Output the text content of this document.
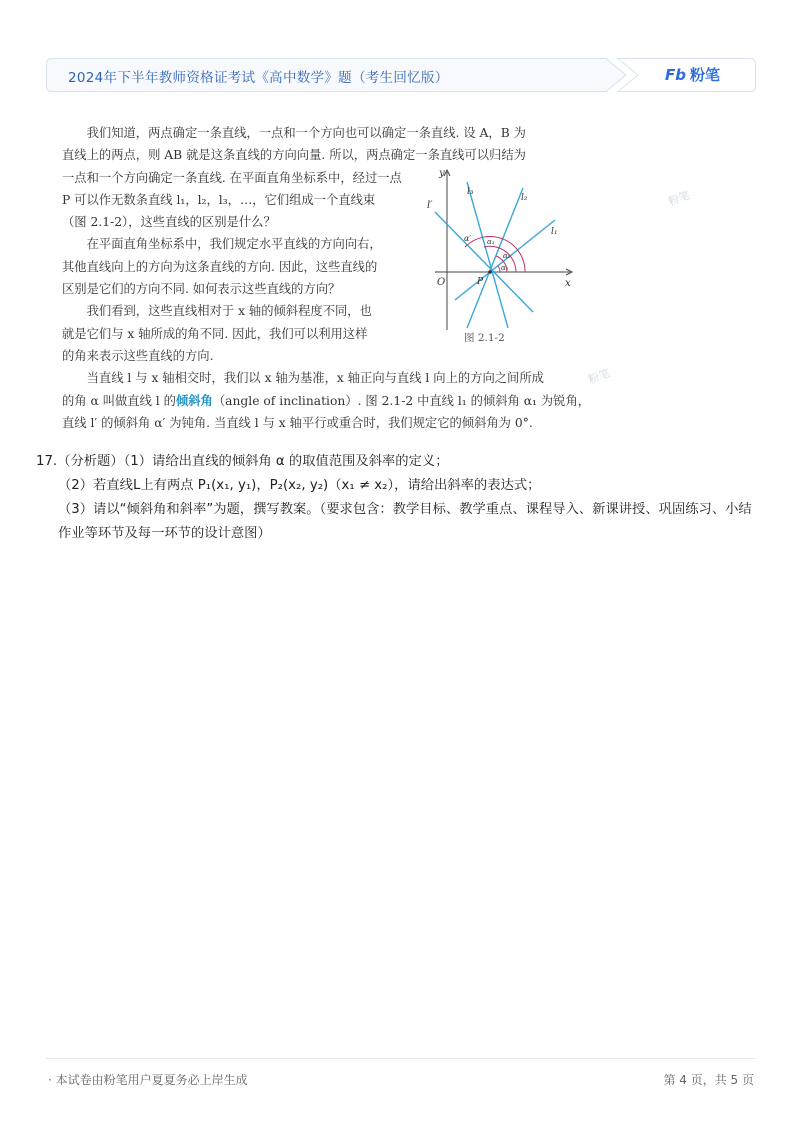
2024年下半年教师资格证考试《高中数学》题（考生回忆版）	Fb 粉笔

我们知道，两点确定一条直线，一点和一个方向也可以确定一条直线. 设 A，B 为

直线上的两点，则 AB 就是这条直线的方向向量. 所以，两点确定一条直线可以归结为

一点和一个方向确定一条直线. 在平面直角坐标系中，经过一点

P 可以作无数条直线 l₁，l₂，l₃，…，它们组成一个直线束

（图 2.1-2），这些直线的区别是什么？

在平面直角坐标系中，我们规定水平直线的方向向右，

其他直线向上的方向为这条直线的方向. 因此，这些直线的

区别是它们的方向不同. 如何表示这些直线的方向？

我们看到，这些直线相对于 x 轴的倾斜程度不同，也

就是它们与 x 轴所成的角不同. 因此，我们可以利用这样

的角来表示这些直线的方向.

当直线 l 与 x 轴相交时，我们以 x 轴为基准，x 轴正向与直线 l 向上的方向之间所成

的角 α 叫做直线 l 的倾斜角（angle of inclination）. 图 2.1-2 中直线 l₁ 的倾斜角 α₁ 为锐角，

直线 l′ 的倾斜角 α′ 为钝角. 当直线 l 与 x 轴平行或重合时，我们规定它的倾斜角为 0°.

y
x
O	P
l′
l₃
l₂
l₁
α₁
α₂
α₃
α′
图 2.1-2
粉笔
粉笔
17.（分析题）（1）请给出直线的倾斜角 α 的取值范围及斜率的定义；
（2）若直线L上有两点 P₁(x₁, y₁)，P₂(x₂, y₂)（x₁ ≠ x₂），请给出斜率的表达式；
（3）请以“倾斜角和斜率”为题，撰写教案。（要求包含：教学目标、教学重点、课程导入、新课讲授、巩固练习、小结作业等环节及每一环节的设计意图）
· 本试卷由粉笔用户夏夏务必上岸生成	第 4 页，共 5 页
